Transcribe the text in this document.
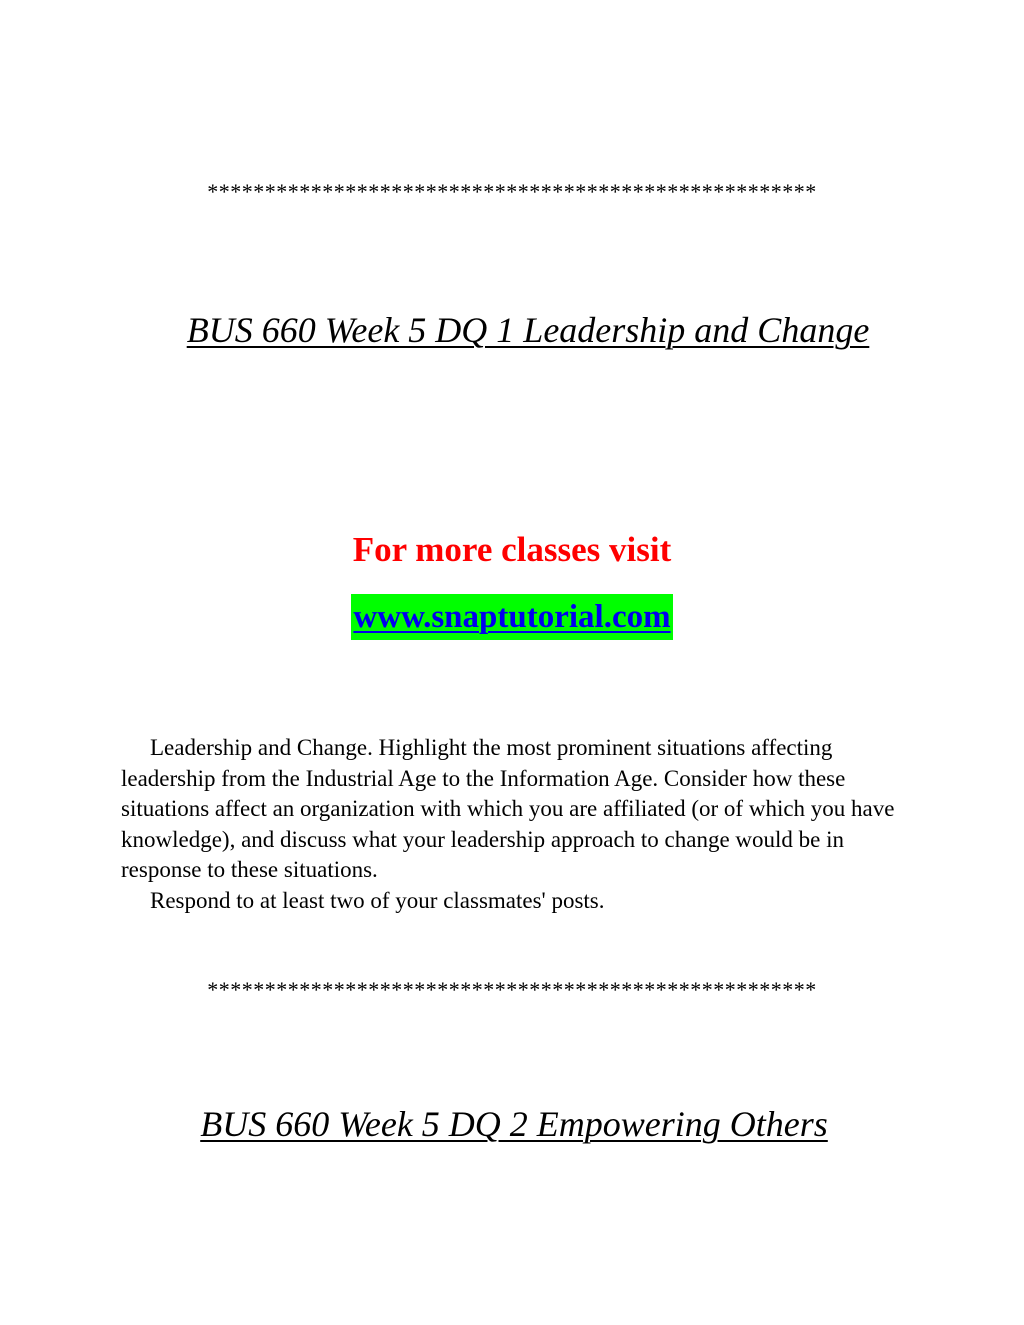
*****************************************************
BUS 660 Week 5 DQ 1 Leadership and Change
For more classes visit
www.snaptutorial.com

Leadership and Change. Highlight the most prominent situations affecting leadership from the Industrial Age to the Information Age. Consider how these situations affect an organization with which you are affiliated (or of which you have knowledge), and discuss what your leadership approach to change would be in response to these situations.

Respond to at least two of your classmates' posts.

*****************************************************
BUS 660 Week 5 DQ 2 Empowering Others
